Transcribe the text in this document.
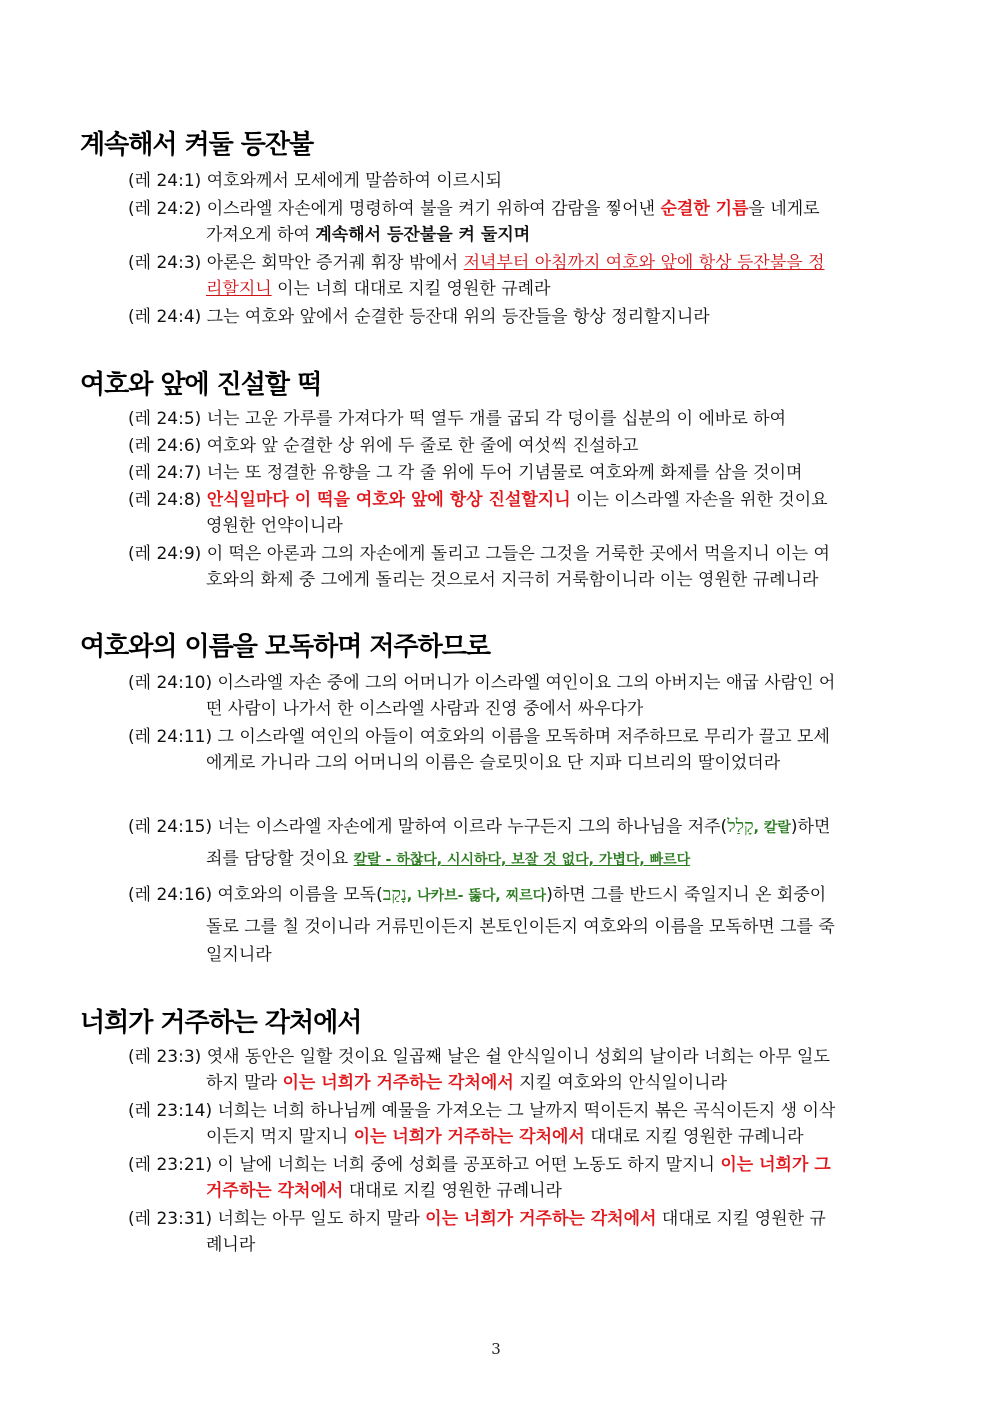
계속해서 켜둘 등잔불
(레 24:1) 여호와께서 모세에게 말씀하여 이르시되
(레 24:2) 이스라엘 자손에게 명령하여 불을 켜기 위하여 감람을 찧어낸 순결한 기름을 네게로
가져오게 하여 계속해서 등잔불을 켜 둘지며
(레 24:3) 아론은 회막안 증거궤 휘장 밖에서 저녁부터 아침까지 여호와 앞에 항상 등잔불을 정
리할지니 이는 너희 대대로 지킬 영원한 규례라
(레 24:4) 그는 여호와 앞에서 순결한 등잔대 위의 등잔들을 항상 정리할지니라
여호와 앞에 진설할 떡
(레 24:5) 너는 고운 가루를 가져다가 떡 열두 개를 굽되 각 덩이를 십분의 이 에바로 하여
(레 24:6) 여호와 앞 순결한 상 위에 두 줄로 한 줄에 여섯씩 진설하고
(레 24:7) 너는 또 정결한 유향을 그 각 줄 위에 두어 기념물로 여호와께 화제를 삼을 것이며
(레 24:8) 안식일마다 이 떡을 여호와 앞에 항상 진설할지니 이는 이스라엘 자손을 위한 것이요
영원한 언약이니라
(레 24:9) 이 떡은 아론과 그의 자손에게 돌리고 그들은 그것을 거룩한 곳에서 먹을지니 이는 여
호와의 화제 중 그에게 돌리는 것으로서 지극히 거룩함이니라 이는 영원한 규례니라
여호와의 이름을 모독하며 저주하므로
(레 24:10) 이스라엘 자손 중에 그의 어머니가 이스라엘 여인이요 그의 아버지는 애굽 사람인 어
떤 사람이 나가서 한 이스라엘 사람과 진영 중에서 싸우다가
(레 24:11) 그 이스라엘 여인의 아들이 여호와의 이름을 모독하며 저주하므로 무리가 끌고 모세
에게로 가니라 그의 어머니의 이름은 슬로밋이요 단 지파 디브리의 딸이었더라
(레 24:15) 너는 이스라엘 자손에게 말하여 이르라 누구든지 그의 하나님을 저주(קָלַל, 칼랄)하면
죄를 담당할 것이요 칼랄 - 하찮다, 시시하다, 보잘 것 없다, 가볍다, 빠르다
(레 24:16) 여호와의 이름을 모독(נָקַב, 나카브- 뚫다, 찌르다)하면 그를 반드시 죽일지니 온 회중이
돌로 그를 칠 것이니라 거류민이든지 본토인이든지 여호와의 이름을 모독하면 그를 죽
일지니라
너희가 거주하는 각처에서
(레 23:3) 엿새 동안은 일할 것이요 일곱째 날은 쉴 안식일이니 성회의 날이라 너희는 아무 일도
하지 말라 이는 너희가 거주하는 각처에서 지킬 여호와의 안식일이니라
(레 23:14) 너희는 너희 하나님께 예물을 가져오는 그 날까지 떡이든지 볶은 곡식이든지 생 이삭
이든지 먹지 말지니 이는 너희가 거주하는 각처에서 대대로 지킬 영원한 규례니라
(레 23:21) 이 날에 너희는 너희 중에 성회를 공포하고 어떤 노동도 하지 말지니 이는 너희가 그
거주하는 각처에서 대대로 지킬 영원한 규례니라
(레 23:31) 너희는 아무 일도 하지 말라 이는 너희가 거주하는 각처에서 대대로 지킬 영원한 규
례니라
3
